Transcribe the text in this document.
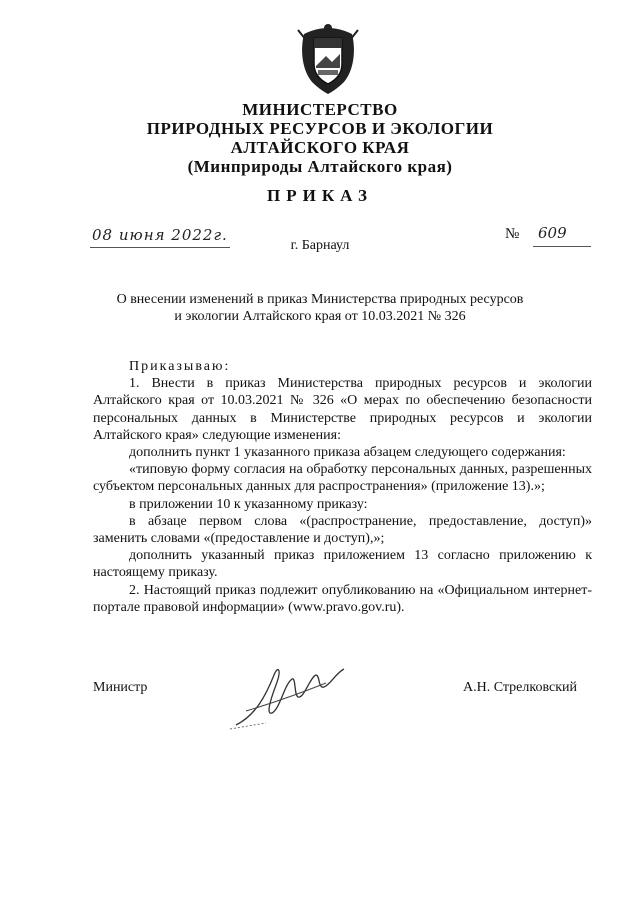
МИНИСТЕРСТВО
ПРИРОДНЫХ РЕСУРСОВ И ЭКОЛОГИИ
АЛТАЙСКОГО КРАЯ
(Минприроды Алтайского края)
ПРИКАЗ
08 июня 2022г.	№ 609
г. Барнаул
О внесении изменений в приказ Министерства природных ресурсов
и экологии Алтайского края от 10.03.2021 № 326

Приказываю:

1. Внести в приказ Министерства природных ресурсов и экологии Алтайского края от 10.03.2021 № 326 «О мерах по обеспечению безопасности персональных данных в Министерстве природных ресурсов и экологии Алтайского края» следующие изменения:

дополнить пункт 1 указанного приказа абзацем следующего содержания:

«типовую форму согласия на обработку персональных данных, разрешенных субъектом персональных данных для распространения» (приложение 13).»;

в приложении 10 к указанному приказу:

в абзаце первом слова «(распространение, предоставление, доступ)» заменить словами «(предоставление и доступ),»;

дополнить указанный приказ приложением 13 согласно приложению к настоящему приказу.

2. Настоящий приказ подлежит опубликованию на «Официальном интернет-портале правовой информации» (www.pravo.gov.ru).

Министр	А.Н. Стрелковский
